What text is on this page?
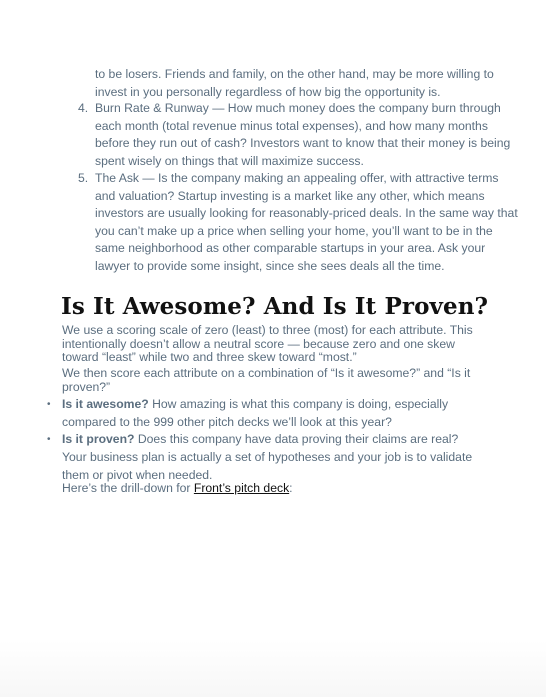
to be losers. Friends and family, on the other hand, may be more willing to invest in you personally regardless of how big the opportunity is.
4. Burn Rate & Runway — How much money does the company burn through each month (total revenue minus total expenses), and how many months before they run out of cash? Investors want to know that their money is being spent wisely on things that will maximize success.
5. The Ask — Is the company making an appealing offer, with attractive terms and valuation? Startup investing is a market like any other, which means investors are usually looking for reasonably-priced deals. In the same way that you can’t make up a price when selling your home, you’ll want to be in the same neighborhood as other comparable startups in your area. Ask your lawyer to provide some insight, since she sees deals all the time.
Is It Awesome? And Is It Proven?

We use a scoring scale of zero (least) to three (most) for each attribute. This intentionally doesn’t allow a neutral score — because zero and one skew toward “least” while two and three skew toward “most.”

We then score each attribute on a combination of “Is it awesome?” and “Is it proven?”

• Is it awesome? How amazing is what this company is doing, especially compared to the 999 other pitch decks we’ll look at this year?
• Is it proven? Does this company have data proving their claims are real?
Your business plan is actually a set of hypotheses and your job is to validate them or pivot when needed.

Here’s the drill-down for Front’s pitch deck:
